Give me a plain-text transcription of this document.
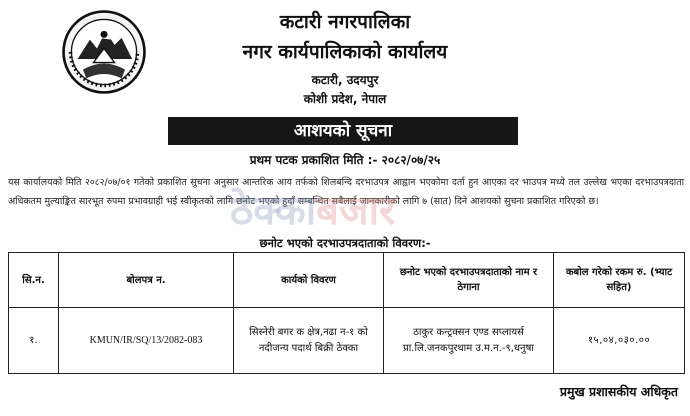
कटारी नगरपालिका
नगर कार्यपालिकाको कार्यालय
कटारी, उदयपुर
कोशी प्रदेश, नेपाल
आशयको सूचना
प्रथम पटक प्रकाशित मिति :- २०८२/०७/२५
यस कार्यालयको मिति २०८२/०७/०१ गतेको प्रकाशित सुचना अनुसार आन्तरिक आय तर्फको शिलबन्दि दरभाउपत्र आह्वान भएकोमा दर्ता हुन आएका दर भाउपत्र मध्ये तल उल्लेख भएका दरभाउपत्रदाता अधिकतम मुल्याङ्कित सारभूत रुपमा प्रभावग्राही भई स्वीकृतको लागि छनोट भएको हुदाँ सम्बन्धित सबैलाई जानकारीको लागि ७ (सात) दिने आशयको सुचना प्रकाशित गरिएको छ।
ठेक्काबजार
छनोट भएको दरभाउपत्रदाताको विवरण:-
सि.न.	बोलपत्र न.	कार्यको विवरण	छनोट भएको दरभाउपत्रदाताको नाम र ठेगाना	कबोल गरेको रकम रु. (भ्याट सहित)
१.	KMUN/IR/SQ/13/2082-083	सिस्नेरी बगर क क्षेत्र,नढा न-१ को नदीजन्य पदार्थ बिक्री ठेक्का	ठाकुर कन्ट्रक्सन एण्ड सप्लायर्स प्रा.लि.जनकपुरधाम उ.म.न.-९,धनुषा	१५,०४,०३०.००
प्रमुख प्रशासकीय अधिकृत
